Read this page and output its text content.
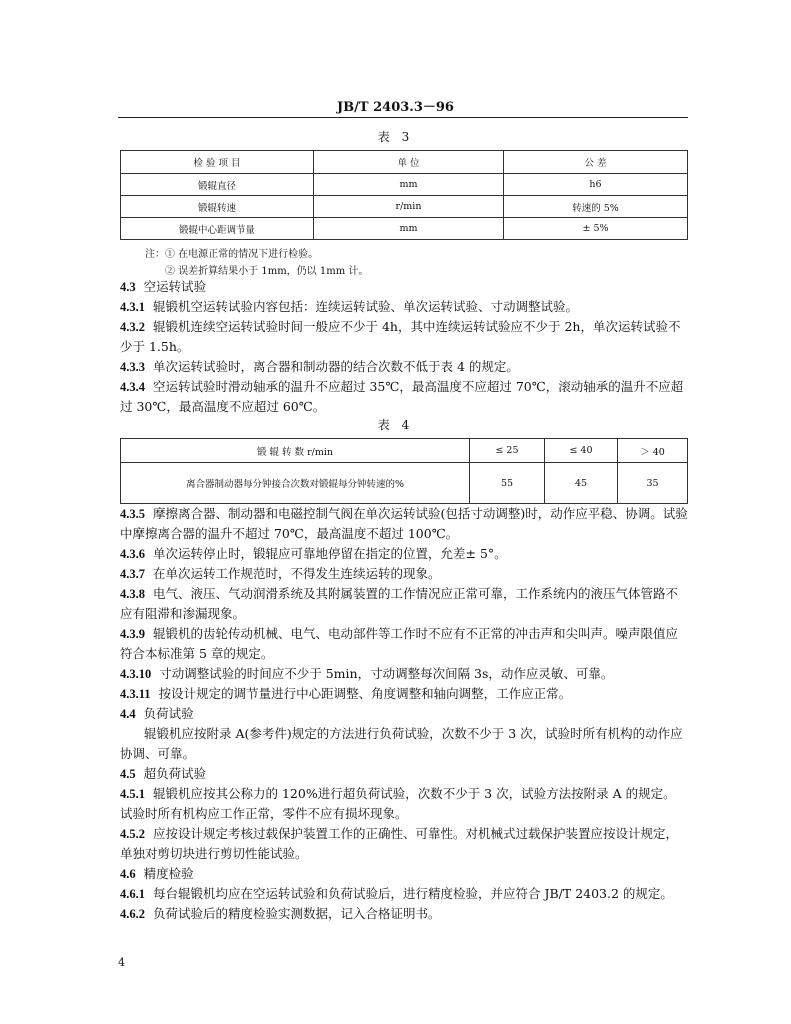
JB/T 2403.3－96
表 3
检 验 项 目	单 位	公 差
锻辊直径	mm	h6
锻辊转速	r/min	转速的 5%
锻辊中心距调节量	mm	± 5%
注：① 在电源正常的情况下进行检验。
② 误差折算结果小于 1mm，仍以 1mm 计。
4.3 空运转试验
4.3.1 辊锻机空运转试验内容包括：连续运转试验、单次运转试验、寸动调整试验。
4.3.2 辊锻机连续空运转试验时间一般应不少于 4h，其中连续运转试验应不少于 2h，单次运转试验不少于 1.5h。
4.3.3 单次运转试验时，离合器和制动器的结合次数不低于表 4 的规定。
4.3.4 空运转试验时滑动轴承的温升不应超过 35℃，最高温度不应超过 70℃，滚动轴承的温升不应超过 30℃，最高温度不应超过 60℃。
表 4
锻 辊 转 数 r/min	≤ 25	≤ 40	＞ 40
离合器制动器每分钟接合次数对锻辊每分钟转速的%	55	45	35
4.3.5 摩擦离合器、制动器和电磁控制气阀在单次运转试验(包括寸动调整)时，动作应平稳、协调。试验中摩擦离合器的温升不超过 70℃，最高温度不超过 100℃。
4.3.6 单次运转停止时，锻辊应可靠地停留在指定的位置，允差± 5°。
4.3.7 在单次运转工作规范时，不得发生连续运转的现象。
4.3.8 电气、液压、气动润滑系统及其附属装置的工作情况应正常可靠，工作系统内的液压气体管路不应有阻滞和渗漏现象。
4.3.9 辊锻机的齿轮传动机械、电气、电动部件等工作时不应有不正常的冲击声和尖叫声。噪声限值应符合本标准第 5 章的规定。
4.3.10 寸动调整试验的时间应不少于 5min，寸动调整每次间隔 3s，动作应灵敏、可靠。
4.3.11 按设计规定的调节量进行中心距调整、角度调整和轴向调整，工作应正常。
4.4 负荷试验
辊锻机应按附录 A(参考件)规定的方法进行负荷试验，次数不少于 3 次，试验时所有机构的动作应协调、可靠。
4.5 超负荷试验
4.5.1 辊锻机应按其公称力的 120%进行超负荷试验，次数不少于 3 次，试验方法按附录 A 的规定。试验时所有机构应工作正常，零件不应有损坏现象。
4.5.2 应按设计规定考核过载保护装置工作的正确性、可靠性。对机械式过载保护装置应按设计规定，单独对剪切块进行剪切性能试验。
4.6 精度检验
4.6.1 每台辊锻机均应在空运转试验和负荷试验后，进行精度检验，并应符合 JB/T 2403.2 的规定。
4.6.2 负荷试验后的精度检验实测数据，记入合格证明书。
4
